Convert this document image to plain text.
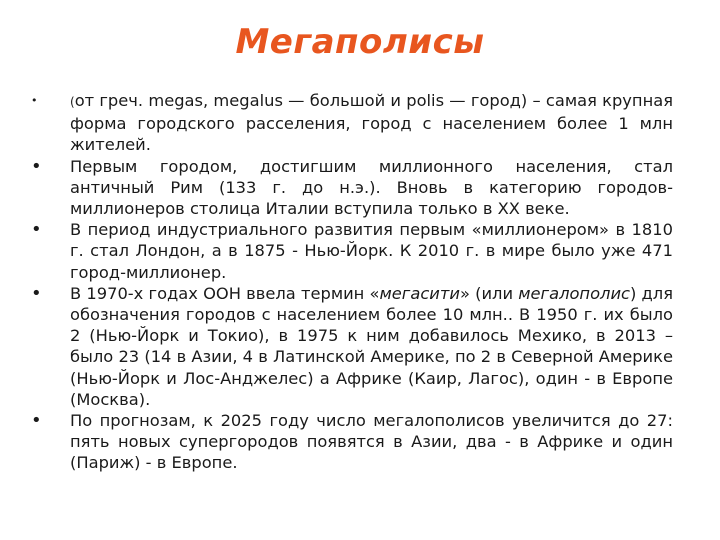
Мегаполисы
•	(от греч. megas, megalus — большой и polis — город) – самая крупная форма городского расселения, город с населением более 1 млн жителей.
• Первым городом, достигшим миллионного населения, стал античный Рим (133 г. до н.э.). Вновь в категорию городов-миллионеров столица Италии вступила только в XX веке.
• В период индустриального развития первым «миллионером» в 1810 г. стал Лондон, а в 1875 - Нью-Йорк. К 2010 г. в мире было уже 471 город-миллионер.
• В 1970-х годах ООН ввела термин «мегасити» (или мегалополис) для обозначения городов с населением более 10 млн.. В 1950 г. их было 2 (Нью-Йорк и Токио), в 1975 к ним добавилось Мехико, в 2013 – было 23 (14 в Азии, 4 в Латинской Америке, по 2 в Северной Америке (Нью-Йорк и Лос-Анджелес) а Африке (Каир, Лагос), один - в Европе (Москва).
• По прогнозам, к 2025 году число мегалополисов увеличится до 27: пять новых супергородов появятся в Азии, два - в Африке и один (Париж) - в Европе.
